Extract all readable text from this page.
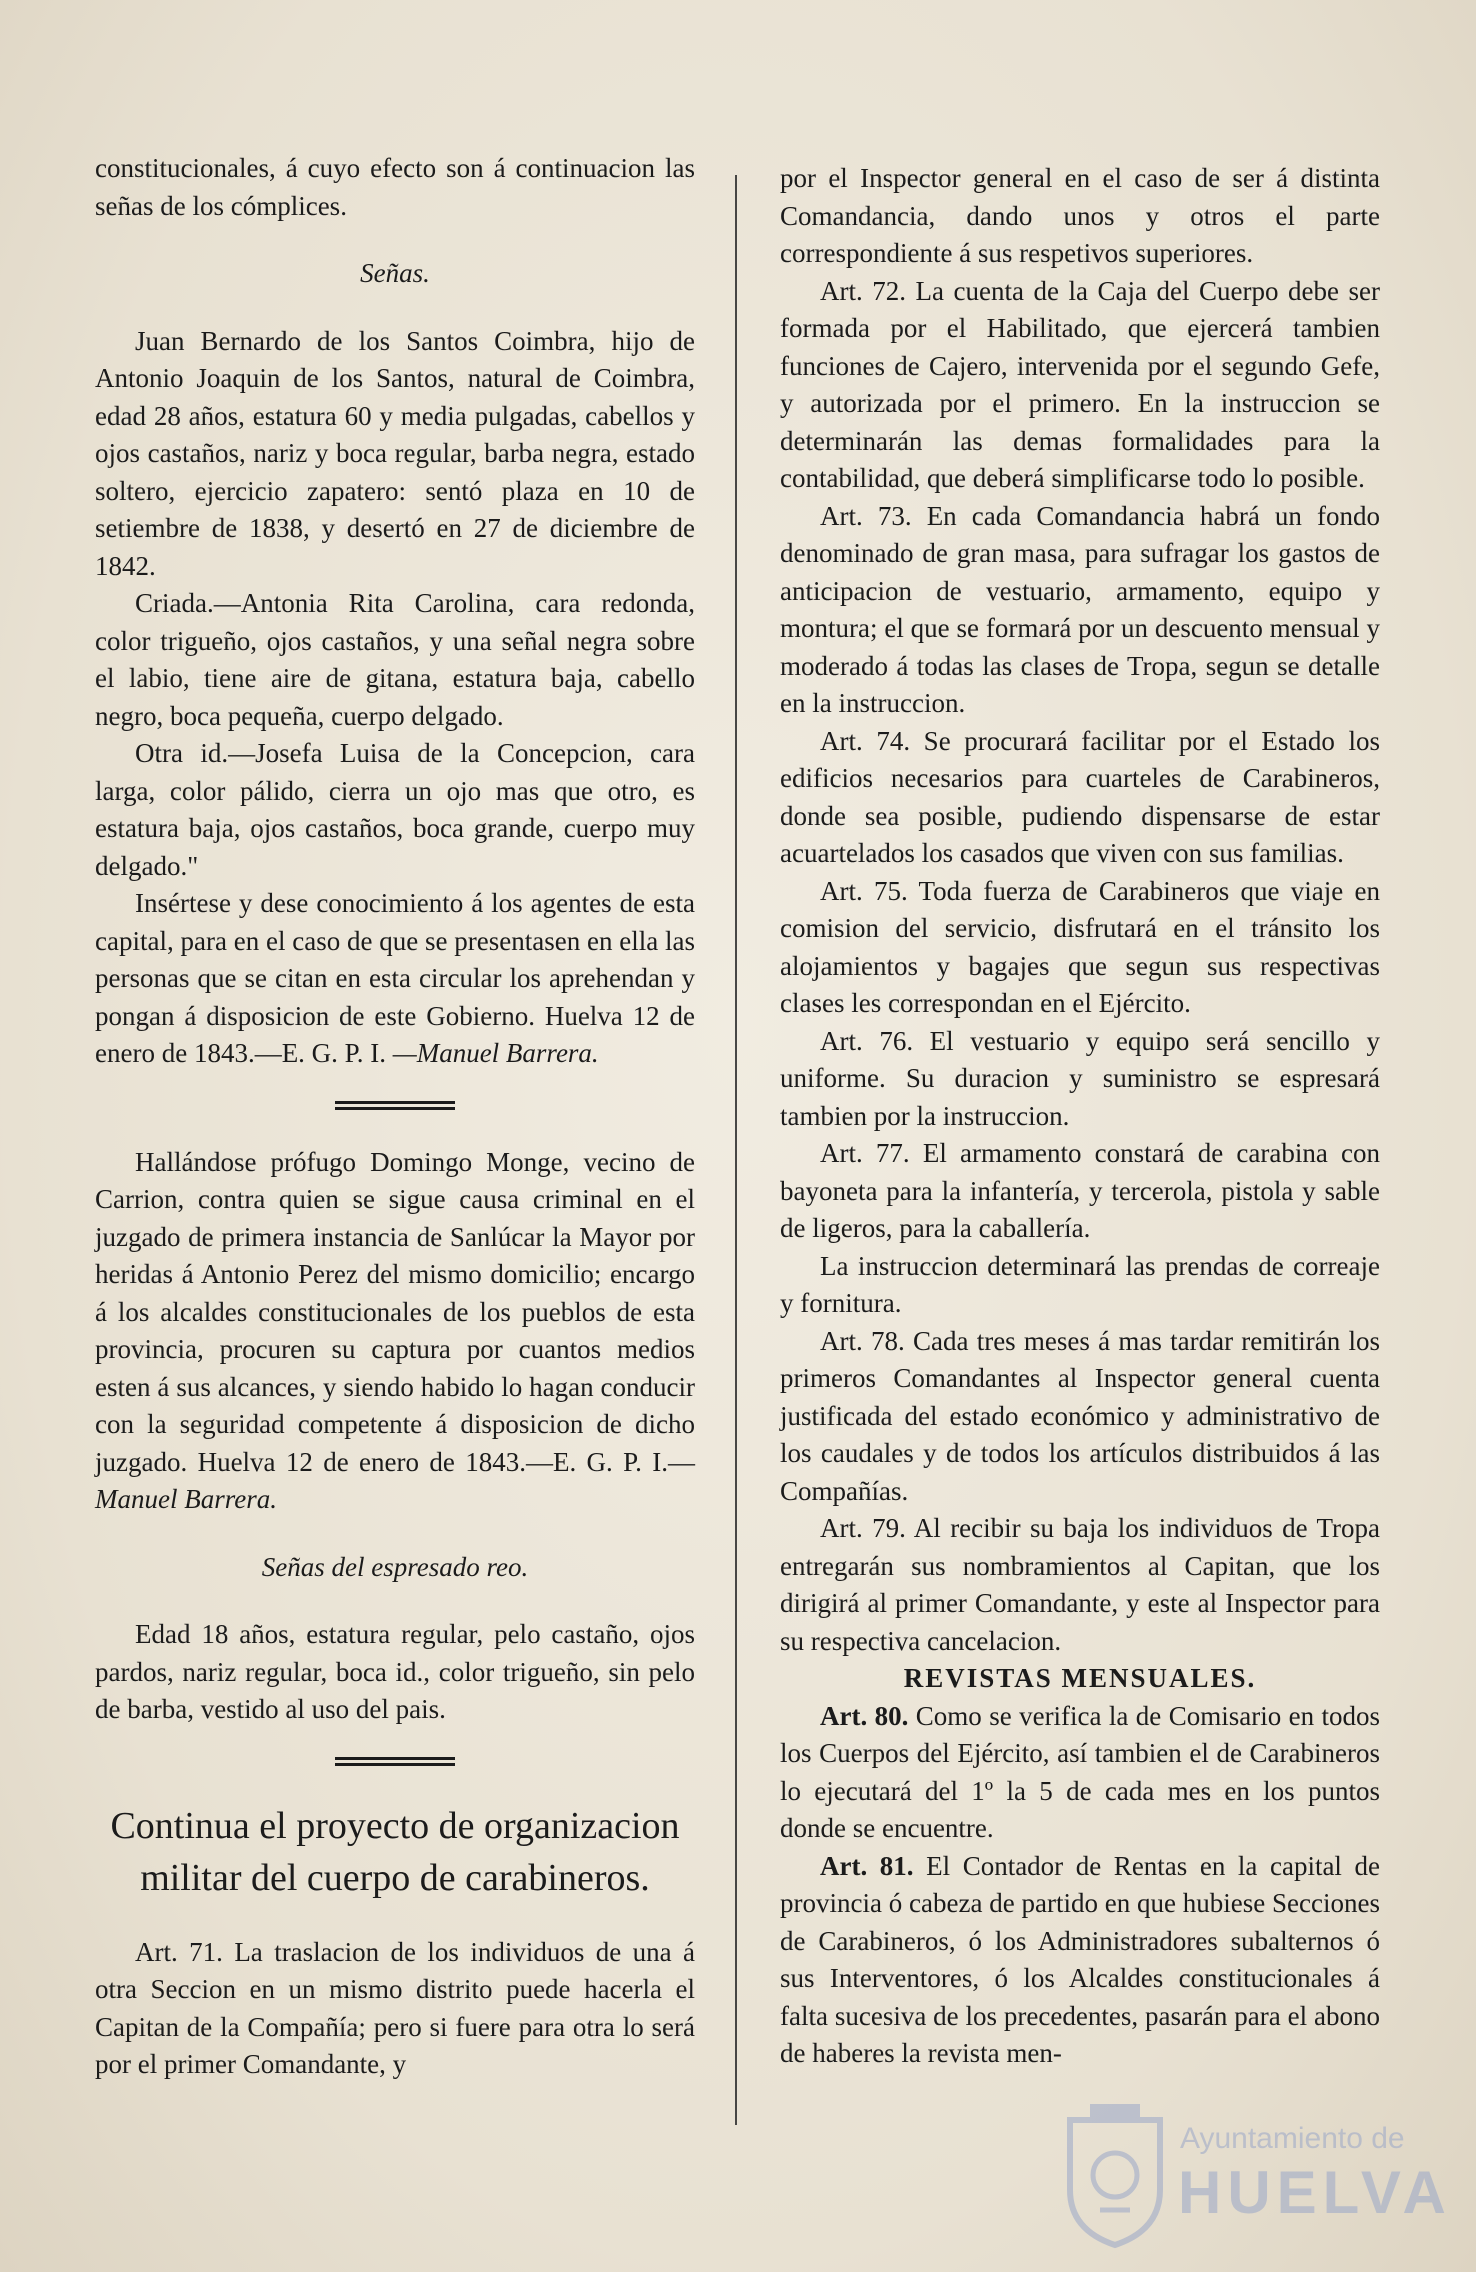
constitucionales, á cuyo efecto son á continuacion las señas de los cómplices.

Señas.

Juan Bernardo de los Santos Coimbra, hijo de Antonio Joaquin de los Santos, natural de Coimbra, edad 28 años, estatura 60 y media pulgadas, cabellos y ojos castaños, nariz y boca regular, barba negra, estado soltero, ejercicio zapatero: sentó plaza en 10 de setiembre de 1838, y desertó en 27 de diciembre de 1842.

Criada.—Antonia Rita Carolina, cara redonda, color trigueño, ojos castaños, y una señal negra sobre el labio, tiene aire de gitana, estatura baja, cabello negro, boca pequeña, cuerpo delgado.

Otra id.—Josefa Luisa de la Concepcion, cara larga, color pálido, cierra un ojo mas que otro, es estatura baja, ojos castaños, boca grande, cuerpo muy delgado."

Insértese y dese conocimiento á los agentes de esta capital, para en el caso de que se presentasen en ella las personas que se citan en esta circular los aprehendan y pongan á disposicion de este Gobierno. Huelva 12 de enero de 1843.—E. G. P. I. —Manuel Barrera.

Hallándose prófugo Domingo Monge, vecino de Carrion, contra quien se sigue causa criminal en el juzgado de primera instancia de Sanlúcar la Mayor por heridas á Antonio Perez del mismo domicilio; encargo á los alcaldes constitucionales de los pueblos de esta provincia, procuren su captura por cuantos medios esten á sus alcances, y siendo habido lo hagan conducir con la seguridad competente á disposicion de dicho juzgado. Huelva 12 de enero de 1843.—E. G. P. I.— Manuel Barrera.

Señas del espresado reo.

Edad 18 años, estatura regular, pelo castaño, ojos pardos, nariz regular, boca id., color trigueño, sin pelo de barba, vestido al uso del pais.

Continua el proyecto de organizacion militar del cuerpo de carabineros.

Art. 71. La traslacion de los individuos de una á otra Seccion en un mismo distrito puede hacerla el Capitan de la Compañía; pero si fuere para otra lo será por el primer Comandante, y

por el Inspector general en el caso de ser á distinta Comandancia, dando unos y otros el parte correspondiente á sus respetivos superiores.

Art. 72. La cuenta de la Caja del Cuerpo debe ser formada por el Habilitado, que ejercerá tambien funciones de Cajero, intervenida por el segundo Gefe, y autorizada por el primero. En la instruccion se determinarán las demas formalidades para la contabilidad, que deberá simplificarse todo lo posible.

Art. 73. En cada Comandancia habrá un fondo denominado de gran masa, para sufragar los gastos de anticipacion de vestuario, armamento, equipo y montura; el que se formará por un descuento mensual y moderado á todas las clases de Tropa, segun se detalle en la instruccion.

Art. 74. Se procurará facilitar por el Estado los edificios necesarios para cuarteles de Carabineros, donde sea posible, pudiendo dispensarse de estar acuartelados los casados que viven con sus familias.

Art. 75. Toda fuerza de Carabineros que viaje en comision del servicio, disfrutará en el tránsito los alojamientos y bagajes que segun sus respectivas clases les correspondan en el Ejército.

Art. 76. El vestuario y equipo será sencillo y uniforme. Su duracion y suministro se espresará tambien por la instruccion.

Art. 77. El armamento constará de carabina con bayoneta para la infantería, y tercerola, pistola y sable de ligeros, para la caballería.

La instruccion determinará las prendas de correaje y fornitura.

Art. 78. Cada tres meses á mas tardar remitirán los primeros Comandantes al Inspector general cuenta justificada del estado económico y administrativo de los caudales y de todos los artículos distribuidos á las Compañías.

Art. 79. Al recibir su baja los individuos de Tropa entregarán sus nombramientos al Capitan, que los dirigirá al primer Comandante, y este al Inspector para su respectiva cancelacion.

REVISTAS MENSUALES.

Art. 80. Como se verifica la de Comisario en todos los Cuerpos del Ejército, así tambien el de Carabineros lo ejecutará del 1º la 5 de cada mes en los puntos donde se encuentre.

Art. 81. El Contador de Rentas en la capital de provincia ó cabeza de partido en que hubiese Secciones de Carabineros, ó los Administradores subalternos ó sus Interventores, ó los Alcaldes constitucionales á falta sucesiva de los precedentes, pasarán para el abono de haberes la revista men-

Ayuntamiento de
HUELVA
